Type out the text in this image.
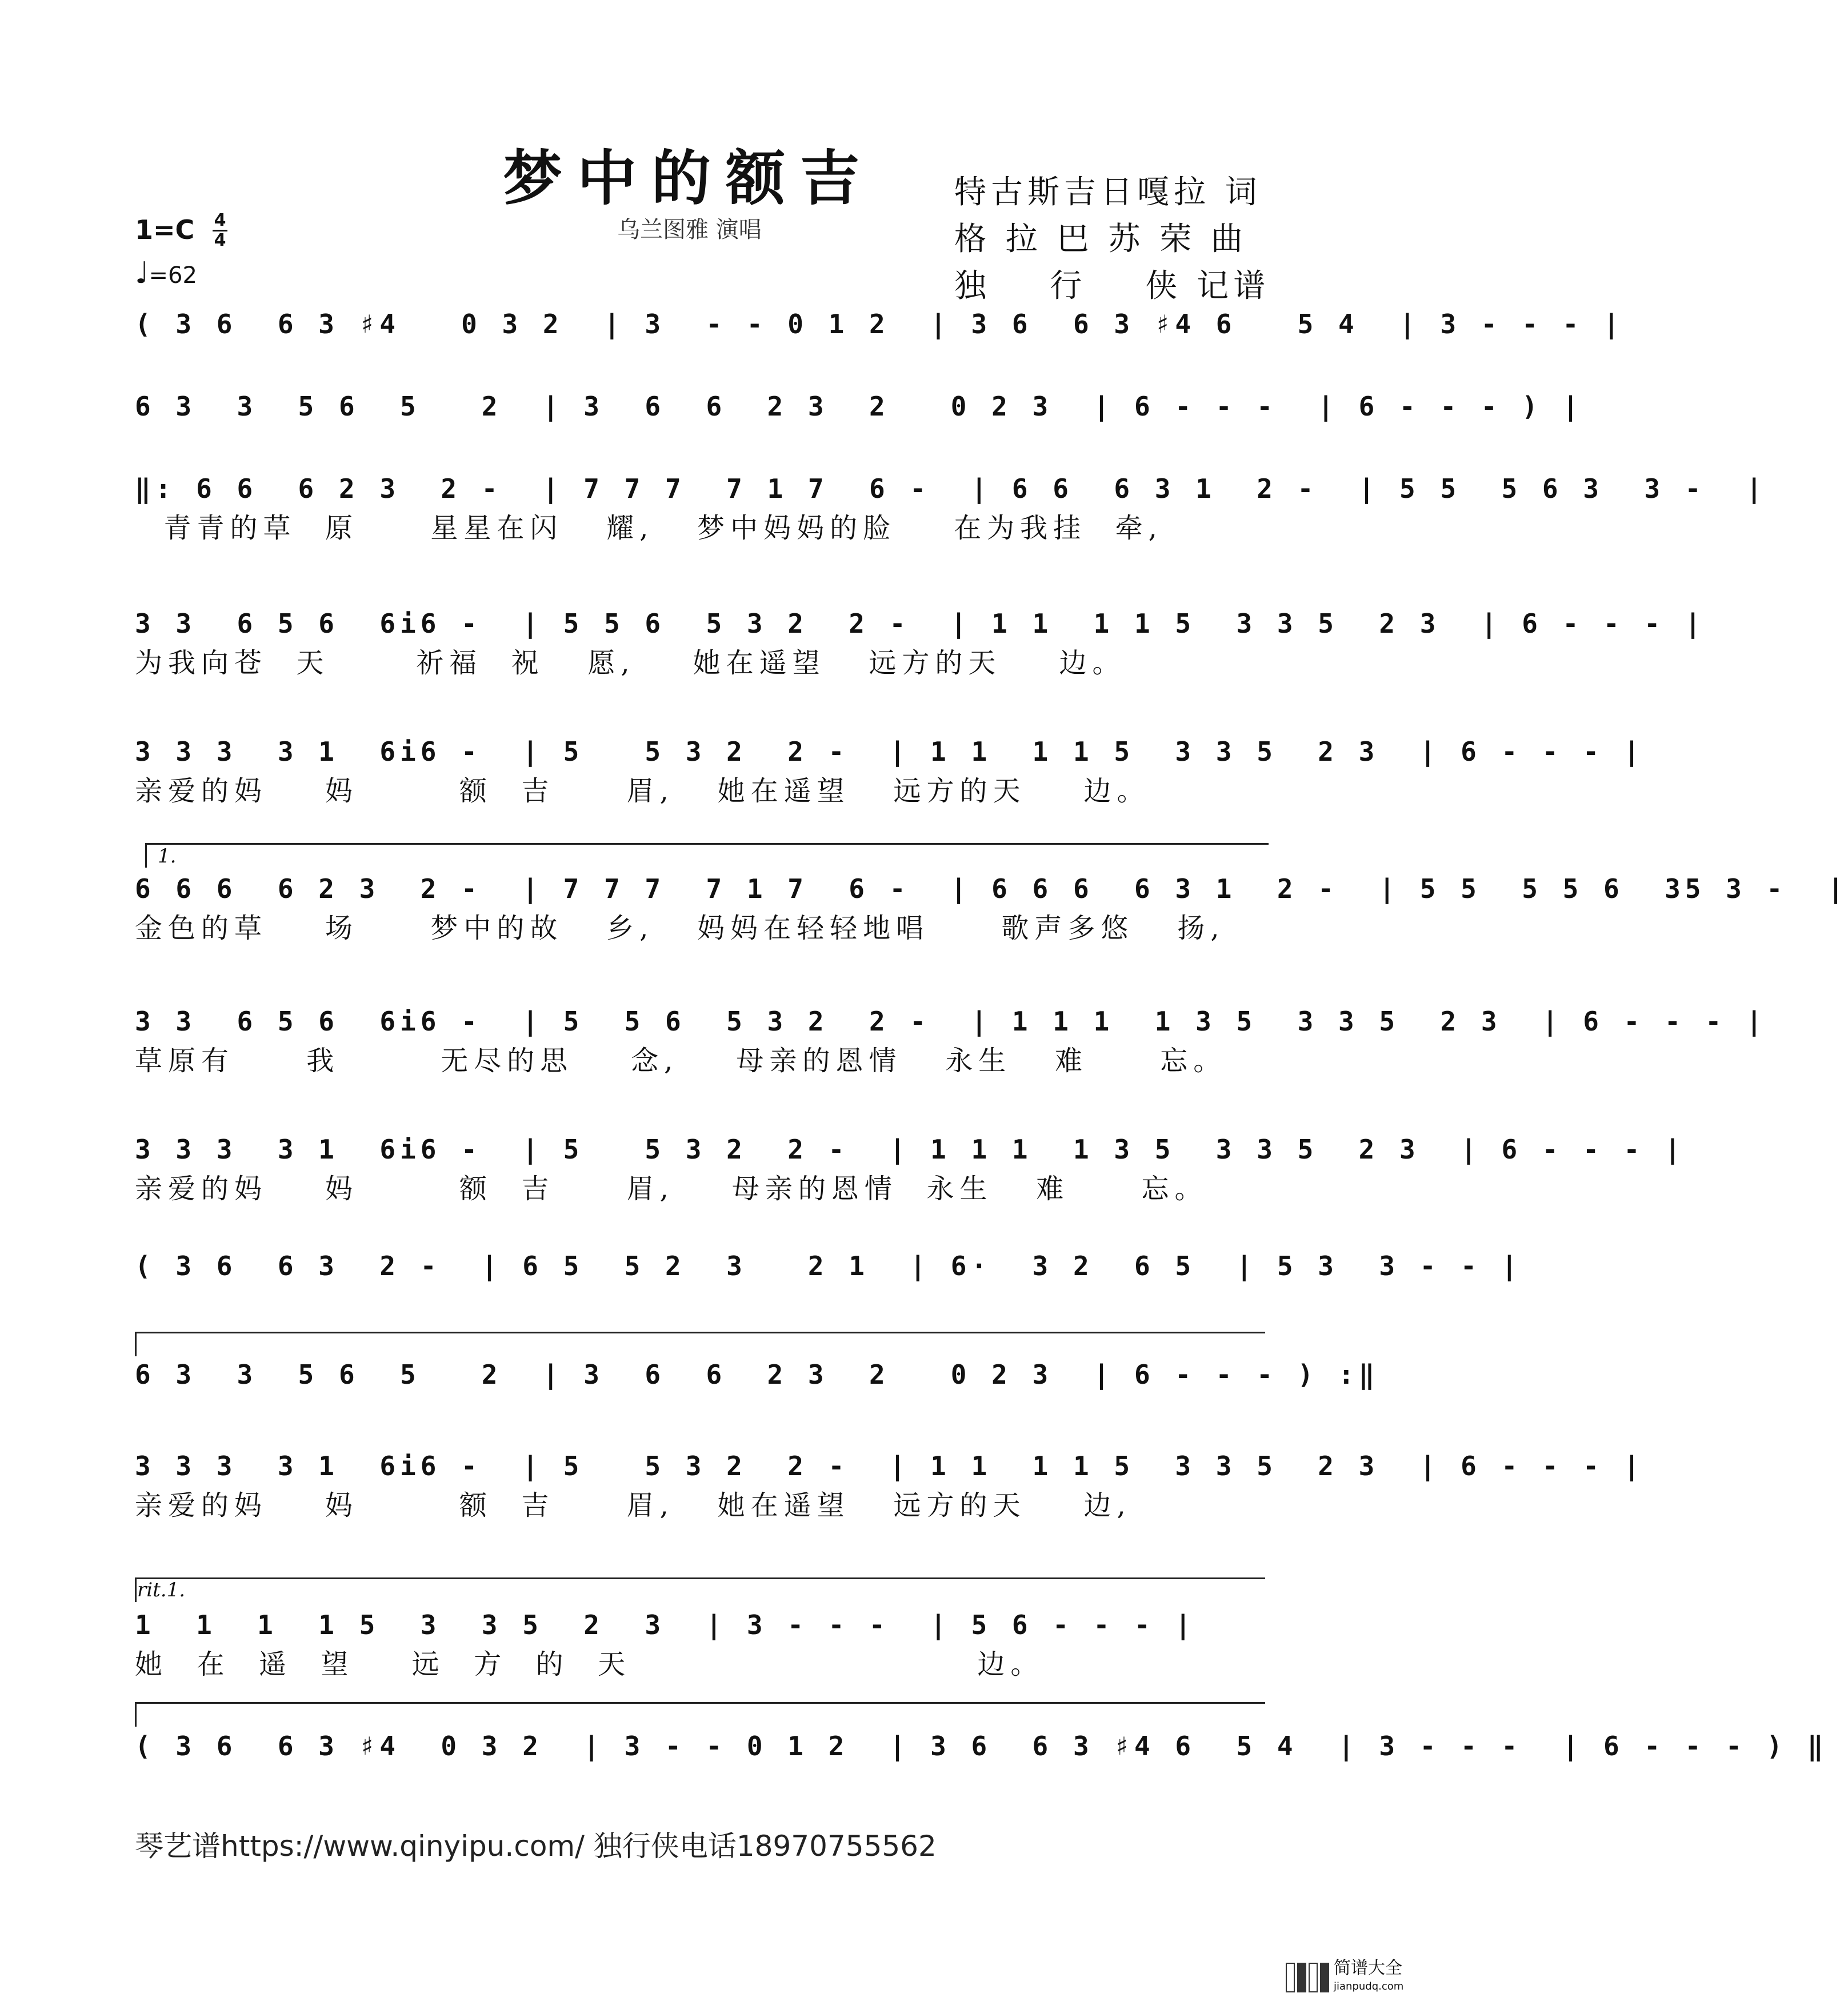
梦中的额吉
乌兰图雅 演唱
特古斯吉日嘎拉 词
格 拉 巴 苏 荣 曲
独    行    侠 记谱
1=C 4
4
♩=62
( 3 6  6 3 ♯4   0 3 2  | 3  - - 0 1 2  | 3 6  6 3 ♯4 6   5 4  | 3 - - - |
6 3  3  5 6  5   2  | 3  6  6  2 3  2   0 2 3  | 6 - - -  | 6 - - - ) |
‖: 6 6  6 2 3  2 -  | 7 7 7  7 1 7  6 -  | 6 6  6 3 1  2 -  | 5 5  5 6 3  3 -  |
青青的草  原     星星在闪   耀,   梦中妈妈的脸    在为我挂  牵,
3 3  6 5 6  6i6 -  | 5 5 6  5 3 2  2 -  | 1 1  1 1 5  3 3 5  2 3  | 6 - - - |
为我向苍  天      祈福  祝   愿,    她在遥望   远方的天    边。
3 3 3  3 1  6i6 -  | 5   5 3 2  2 -  | 1 1  1 1 5  3 3 5  2 3  | 6 - - - |
亲爱的妈    妈       额  吉     眉,   她在遥望   远方的天    边。
1.
6 6 6  6 2 3  2 -  | 7 7 7  7 1 7  6 -  | 6 6 6  6 3 1  2 -  | 5 5  5 5 6  35 3 -  |
金色的草    场     梦中的故   乡,   妈妈在轻轻地唱     歌声多悠   扬,
3 3  6 5 6  6i6 -  | 5  5 6  5 3 2  2 -  | 1 1 1  1 3 5  3 3 5  2 3  | 6 - - - |
草原有     我       无尽的思    念,    母亲的恩情   永生   难     忘。
3 3 3  3 1  6i6 -  | 5   5 3 2  2 -  | 1 1 1  1 3 5  3 3 5  2 3  | 6 - - - |
亲爱的妈    妈       额  吉     眉,    母亲的恩情  永生   难     忘。
( 3 6  6 3  2 -  | 6 5  5 2  3   2 1  | 6·  3 2  6 5  | 5 3  3 - - |
6 3  3  5 6  5   2  | 3  6  6  2 3  2   0 2 3  | 6 - - - ) :‖
3 3 3  3 1  6i6 -  | 5   5 3 2  2 -  | 1 1  1 1 5  3 3 5  2 3  | 6 - - - |
亲爱的妈    妈       额  吉     眉,   她在遥望   远方的天    边,
rit.1.
1  1  1  1 5  3  3 5  2  3  | 3 - - -  | 5 6 - - - |
她  在  遥  望    远  方  的  天                        边。
( 3 6  6 3 ♯4  0 3 2  | 3 - - 0 1 2  | 3 6  6 3 ♯4 6  5 4  | 3 - - -  | 6 - - - ) ‖
琴艺谱https://www.qinyipu.com/ 独行侠电话18970755562
简谱大全
jianpudq.com
